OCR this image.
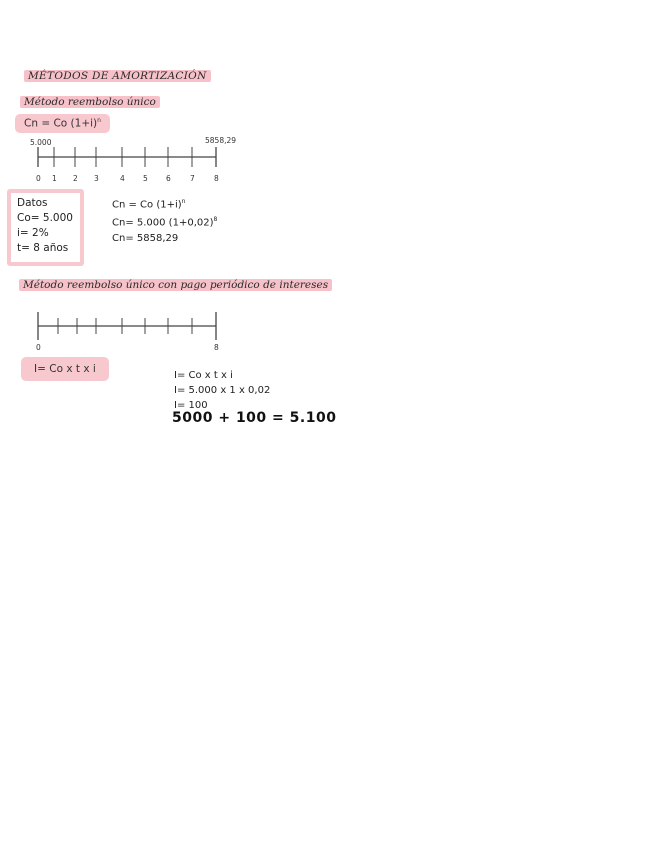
MÉTODOS DE AMORTIZACIÓN
Método reembolso único
Cn = Co $(1+i)^n$
5.000	5858,29
0 1 2 3	4 5 6	7	8
Datos
Co= 5.000
i= 2%
t= 8 años
Cn = Co $(1+i)^n$
Cn= 5.000 $(1+0,02)^8$
Cn= 5858,29
Método reembolso único con pago periódico de intereses
0	8
I= Co x t x i
I= Co x t x i
I= 5.000 x 1 x 0,02
I= 100
5000 + 100 = 5.100
